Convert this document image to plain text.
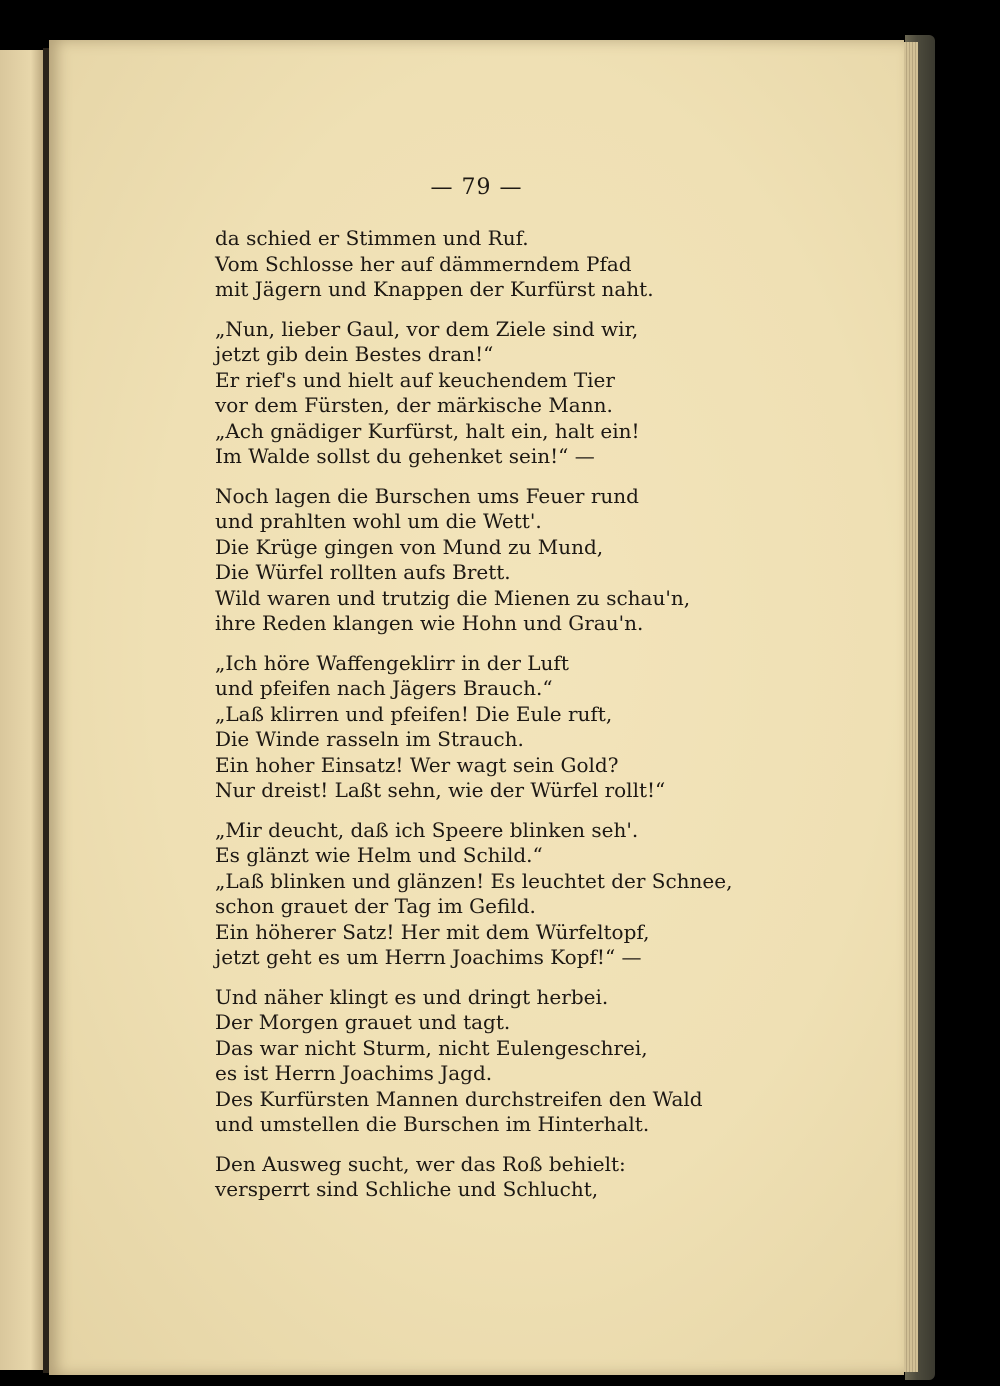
— 79 —
da schied er Stimmen und Ruf.
Vom Schlosse her auf dämmerndem Pfad
mit Jägern und Knappen der Kurfürst naht.
„Nun, lieber Gaul, vor dem Ziele sind wir,
jetzt gib dein Bestes dran!“
Er rief's und hielt auf keuchendem Tier
vor dem Fürsten, der märkische Mann.
„Ach gnädiger Kurfürst, halt ein, halt ein!
Im Walde sollst du gehenket sein!“ —
Noch lagen die Burschen ums Feuer rund
und prahlten wohl um die Wett'.
Die Krüge gingen von Mund zu Mund,
Die Würfel rollten aufs Brett.
Wild waren und trutzig die Mienen zu schau'n,
ihre Reden klangen wie Hohn und Grau'n.
„Ich höre Waffengeklirr in der Luft
und pfeifen nach Jägers Brauch.“
„Laß klirren und pfeifen! Die Eule ruft,
Die Winde rasseln im Strauch.
Ein hoher Einsatz! Wer wagt sein Gold?
Nur dreist! Laßt sehn, wie der Würfel rollt!“
„Mir deucht, daß ich Speere blinken seh'.
Es glänzt wie Helm und Schild.“
„Laß blinken und glänzen! Es leuchtet der Schnee,
schon grauet der Tag im Gefild.
Ein höherer Satz! Her mit dem Würfeltopf,
jetzt geht es um Herrn Joachims Kopf!“ —
Und näher klingt es und dringt herbei.
Der Morgen grauet und tagt.
Das war nicht Sturm, nicht Eulengeschrei,
es ist Herrn Joachims Jagd.
Des Kurfürsten Mannen durchstreifen den Wald
und umstellen die Burschen im Hinterhalt.
Den Ausweg sucht, wer das Roß behielt:
versperrt sind Schliche und Schlucht,
